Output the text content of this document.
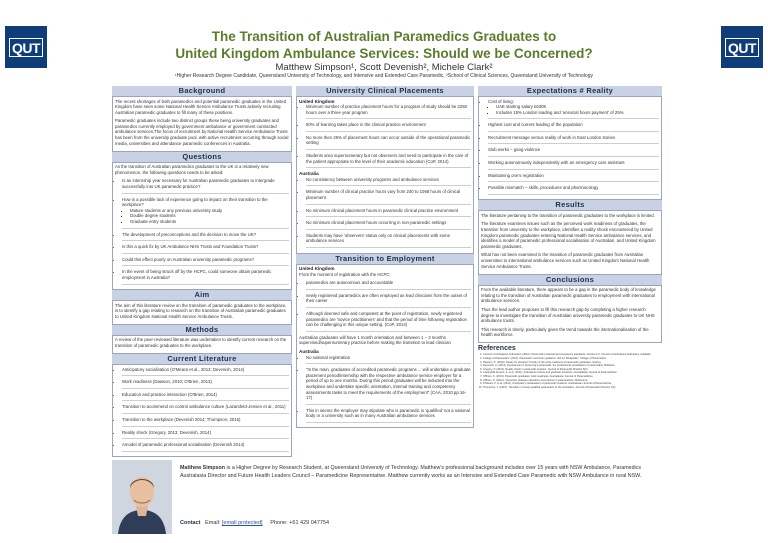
QUT	QUT
The Transition of Australian Paramedics Graduates to
United Kingdom Ambulance Services: Should we be Concerned?
Matthew Simpson¹, Scott Devenish², Michele Clark²
¹Higher Research Degree Candidate, Queensland University of Technology, and Intensive and Extended Care Paramedic, ²School of Clinical Sciences, Queensland University of Technology
Background

The recent shortages of both paramedics and potential paramedic graduates in the United Kingdom have seen some National Health Service Ambulance Trusts actively recruiting Australian paramedic graduates to fill many of these positions.

Paramedic graduates include two distinct groups these being university graduates and paramedics currently employed by government ambulance or government contracted ambulance services.The focus of recruitment by National Health Service Ambulance Trusts has been from the university graduate pool, with active recruitment occurring through social media, universities and attendance paramedic conferences in Australia.

Questions

As the transition of Australian paramedics graduates to the UK is a relatively new phenomenon, the following questions needs to be asked:

• Is an internship year necessary for Australian paramedic graduates to intergrade successfully into UK paramedic practice?
• How is a possible lack of experience going to impact on their transition to the workplace?
▪ Mature students or any previous university study
▪ Double degree students
▪ Graduate entry students
• The development of preconceptions and the decision to move the UK?
• Is this a quick fix by UK Ambulance NHS Trusts and Foundation Trusts?
• Could this effect poorly on Australian university paramedic programs?
• In the event of being struck off by the HCPC, could someone obtain paramedic employment in Australia?
Aim

The aim of this literature review on the transition of paramedic graduates to the workplace, is to identify a gap relating to research on the transition of Australian paramedic graduates to United Kingdom National Health Service Ambulance Trusts.

Methods

A review of the peer-reviewed literature was undertaken to identify current research on the transition of paramedic graduates to the workplace.

Current Literature
• Anticipatory socialisation (O'Meara et al., 2012; Devenish, 2014)
• Work readiness (Dawson, 2010; O'Brien, 2013)
• Education and practice interaction (O'Brien, 2014)
• Transition to acommend on control ambulance culture (Lazarsfeld-Jensen et al., 2011)
• Transition to the workplace (Devenish 2014; Thompson, 2015)
• Reality shock (Gregory, 2013; Devenish, 2014)
• Amodel of paramedic professional socialisation (Devenish 2014)
University Clinical Placements
United Kingdom
• Minimum number of practice placement hours for a program of study should be 2250 hours over a three year program
• 50% of learning takes place in the clinical practice environment
• No more then 25% of placement hours can occur outside of the operational paramedic setting
• Students area supernumerary but not observers and need to participate in the care of the patient appropriate to the level of their academic education (CoP, 2014)
Australia
• No consistency between university programs and ambulance services
• Minimum number of clinical practice hours vary from 240 to 1068 hours of clinical placement
• No minimum clinical placement hours in paramedic clinical practice environment
• No minimum clinical placement hours occurring in non-paramedic settings
• Students may have 'observers' status only on clinical placements with some ambulance services
Transition to Employment
United Kingdom

From the moment of registration with the HCPC:

• paramedics are autonomous and accountable
• newly registered paramedics are often employed as lead clinicians from the outset of their career
• Although deemed safe and competent at the point of registration, newly registered paramedics are 'novice practitioners' and that the period of time following registration can be challenging in this unique setting. (CoP, 2014)

Australian graduates will have 1 month orientation and between 1 – 3 months supervised/supernumerary practice before making the transition to lead clinician

Australia
• No national registration
• "In the main, graduates of accredited paramedic programs ... will undertake a graduate placement period/internship with the respective ambulance service employer for a period of up to one months. During this period graduates will be inducted into the workplace and undertake specific orientation, internal training and competency assessments tasks to meet the requirements of the employment" (CAA, 2010 pp.16-17)
• This in seems the employer may stipulate who is paramedic is 'qualified' not a national body or a university such as in many Australian ambulance services
Expectations # Reality
• Cost of living:
▪ UAE starting salary £630K
▪ Includes 15% London loading and 'unsocial hours payment' of 25%
• Highest cost and current leading of the population
• Recruitment message versus reality of work in East London stories
• Slob works – gang violence
• Working autonomously independently with an emergency care assistant
• Maintaining one's registration
• Possible mismatch – skills, procedures and pharmacology
Results

The literature pertaining to the transition of paramedic graduates to the workplace is limited.

The literature examines issues such as the perceived work readiness of graduates, the transition from university to the workplace, identifies a reality shock encountered by United Kingdom paramedic graduates entering National Health Service ambulance services, and identifies a model of paramedic professional socialisation of Australian, and United Kingdom paramedic graduates.

What has not been examined is the transition of paramedic graduates from Australian universities to international ambulance services such as United Kingdom National Health Service Ambulance Trusts.

Conclusions

From the available literature, there appears to be a gap in the paramedic body of knowledge relating to the transition of Australian paramedic graduates to employment with international ambulance services.

Thus the lead author proposes to fill this research gap by completing a higher research degree to investigate the transition of Australian university paramedic graduates to UK NHS ambulance trusts.

This research is timely, particularly given the trend towards the internationalisation of the health workforce.

References
1. Council of Ambulance Authorities. (2010). Paramedic professional competency standards. Version 2.2. Council of Ambulance Authorities, Adelaide.
2. College of Paramedics. (2014). Paramedic curriculum guidance. 3rd ed. Bridgwater: College of Paramedics.
3. Dawson, K. (2010). Ready for practice? A study of the work readiness of paramedic graduates. Sydney.
4. Devenish, A. (2014). Experiences in becoming a paramedic: the professional socialisation of paramedics. Brisbane.
5. Gregory, P. (2013). Reality shock in paramedic practice. Journal of Paramedic Practice 5(2).
6. Lazarsfeld-Jensen, A. et al. (2011). Ambulance culture and graduate transition. Australasian Journal of Paramedicine.
7. O'Brien, K. (2013). Paramedic graduates' work readiness. Australasian Journal of Paramedicine.
8. O'Brien, K. (2014). Interaction between education and practice in paramedicine. Melbourne.
9. O'Meara, P. et al. (2012). Anticipatory socialisation of paramedic students. Australasian Journal of Paramedicine.
10. Thompson, J. (2015). Transition of newly qualified paramedics to the workplace. Journal of Paramedic Practice 7(2).
Matthew Simpson is a Higher Degree by Research Student, at Queensland University of Technology. Matthew's professional background includes over 15 years with NSW Ambulance, Paramedics Australasia Director and Future Health Leaders Council – Paramedicine Representative. Matthew currently works as an Intensive and Extended Care Paramedic with NSW Ambulance in rural NSW.
Contact Email: [email protected] Phone: +61 429 047754
